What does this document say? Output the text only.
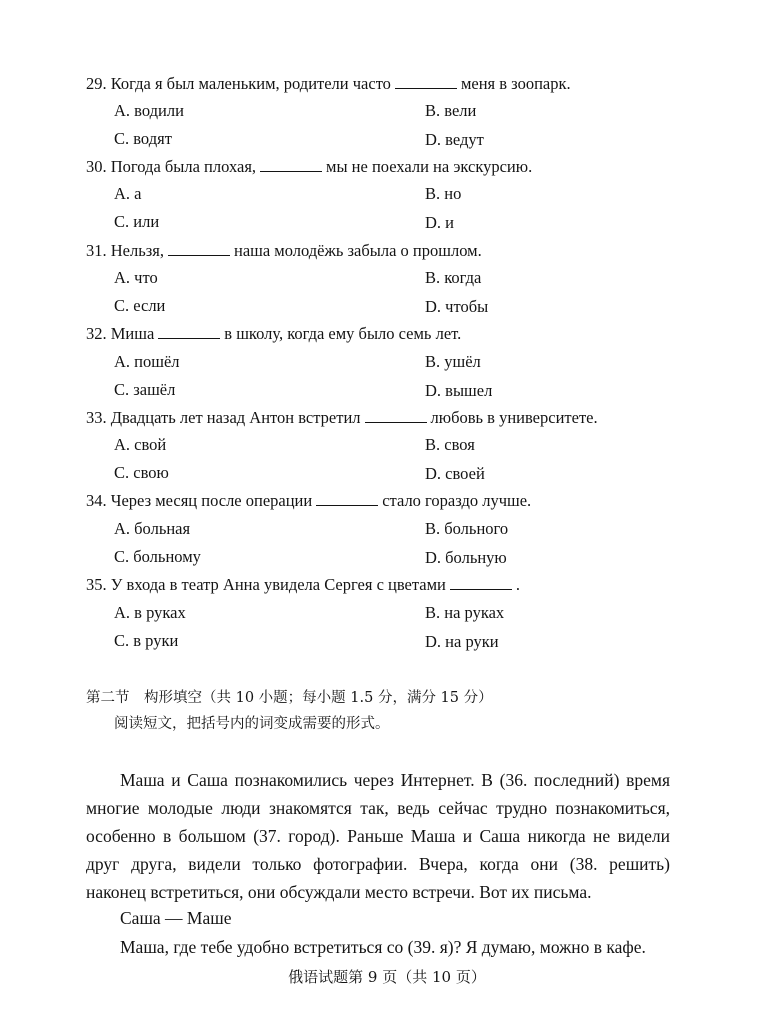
29. Когда я был маленьким, родители часто	меня в зоопарк.
A. водили	B. вели
C. водят	D. ведут
30. Погода была плохая,	мы не поехали на экскурсию.
A. а	B. но
C. или	D. и
31. Нельзя,	наша молодёжь забыла о прошлом.
A. что	B. когда
C. если	D. чтобы
32. Миша	в школу, когда ему было семь лет.
A. пошёл	B. ушёл
C. зашёл	D. вышел
33. Двадцать лет назад Антон встретил	любовь в университете.
A. свой	B. своя
C. свою	D. своей
34. Через месяц после операции	стало гораздо лучше.
A. больная	B. больного
C. больному	D. больную
35. У входа в театр Анна увидела Сергея с цветами	.
A. в руках	B. на руках
C. в руки	D. на руки
第二节　构形填空（共 10 小题；每小题 1.5 分，满分 15 分）
阅读短文，把括号内的词变成需要的形式。
Маша и Саша познакомились через Интернет. В (36. последний) время
многие молодые люди знакомятся так, ведь сейчас трудно познакомиться,
особенно в большом (37. город). Раньше Маша и Саша никогда не видели
друг друга, видели только фотографии. Вчера, когда они (38. решить)
наконец встретиться, они обсуждали место встречи. Вот их письма.
Саша — Маше
Маша, где тебе удобно встретиться со (39. я)? Я думаю, можно в кафе.
俄语试题第 9 页（共 10 页）
